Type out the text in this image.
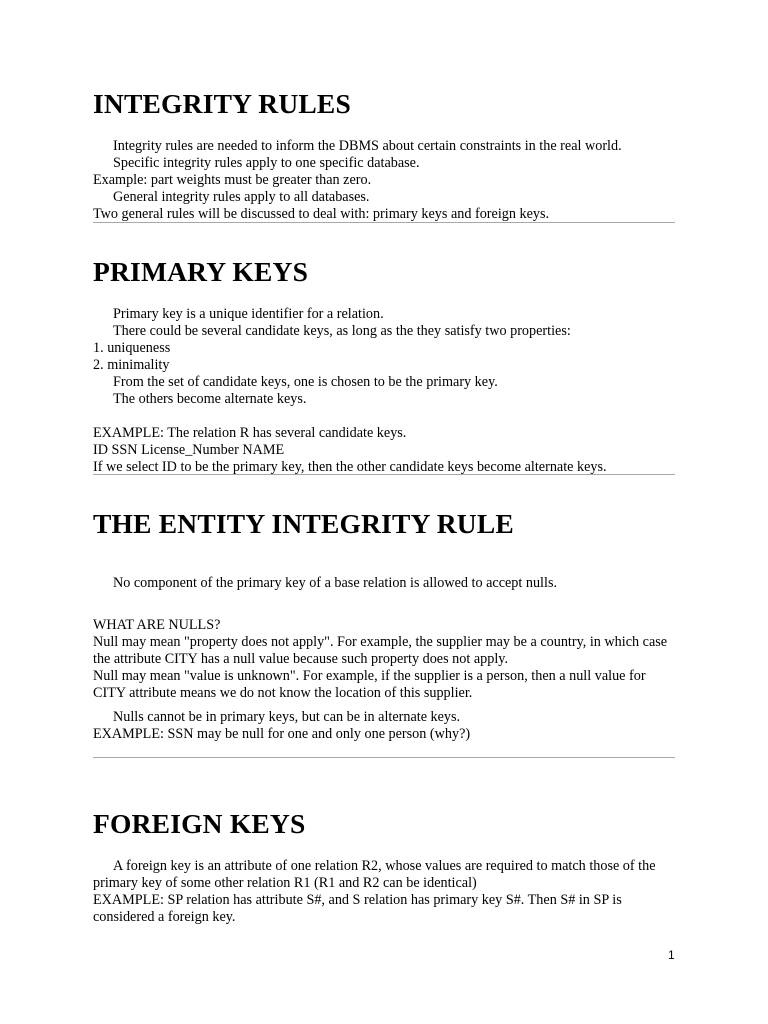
INTEGRITY RULES
Integrity rules are needed to inform the DBMS about certain constraints in the real world.
Specific integrity rules apply to one specific database.
Example: part weights must be greater than zero.
General integrity rules apply to all databases.
Two general rules will be discussed to deal with: primary keys and foreign keys.
PRIMARY KEYS
Primary key is a unique identifier for a relation.
There could be several candidate keys, as long as the they satisfy two properties:
1. uniqueness
2. minimality
From the set of candidate keys, one is chosen to be the primary key.
The others become alternate keys.
EXAMPLE: The relation R has several candidate keys.
ID SSN License_Number NAME
If we select ID to be the primary key, then the other candidate keys become alternate keys.
THE ENTITY INTEGRITY RULE
No component of the primary key of a base relation is allowed to accept nulls.
WHAT ARE NULLS?
Null may mean "property does not apply". For example, the supplier may be a country, in which case the attribute CITY has a null value because such property does not apply.
Null may mean "value is unknown". For example, if the supplier is a person, then a null value for CITY attribute means we do not know the location of this supplier.
Nulls cannot be in primary keys, but can be in alternate keys.
EXAMPLE: SSN may be null for one and only one person (why?)
FOREIGN KEYS
A foreign key is an attribute of one relation R2, whose values are required to match those of the primary key of some other relation R1 (R1 and R2 can be identical)
EXAMPLE: SP relation has attribute S#, and S relation has primary key S#. Then S# in SP is considered a foreign key.
1
